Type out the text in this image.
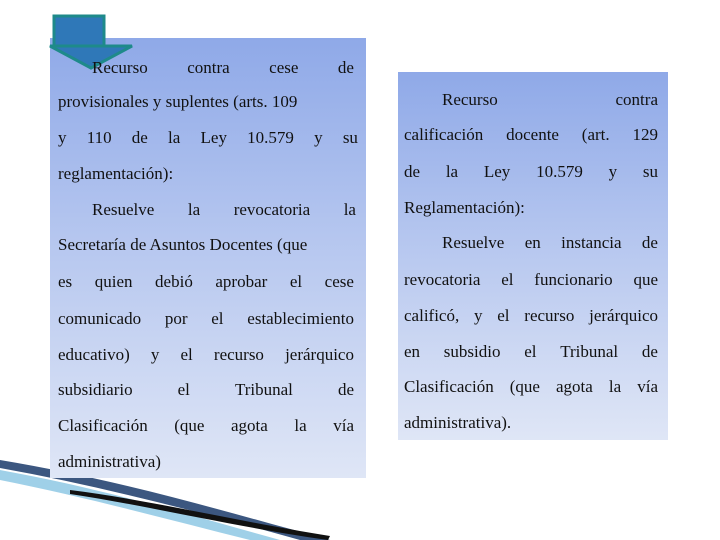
Recurso contra cese de
provisionales y suplentes (arts. 109
y 110 de la Ley 10.579 y su
reglamentación):
Resuelve la revocatoria la
Secretaría de Asuntos Docentes (que
es quien debió aprobar el cese
comunicado por el establecimiento
educativo) y el recurso jerárquico
subsidiario	el	Tribunal	de
Clasificación (que agota la vía
administrativa)
Recurso	contra
calificación docente (art. 129
de la Ley 10.579 y su
Reglamentación):
Resuelve en instancia de
revocatoria el funcionario que
calificó, y el recurso jerárquico
en subsidio el Tribunal de
Clasificación (que agota la vía
administrativa).
